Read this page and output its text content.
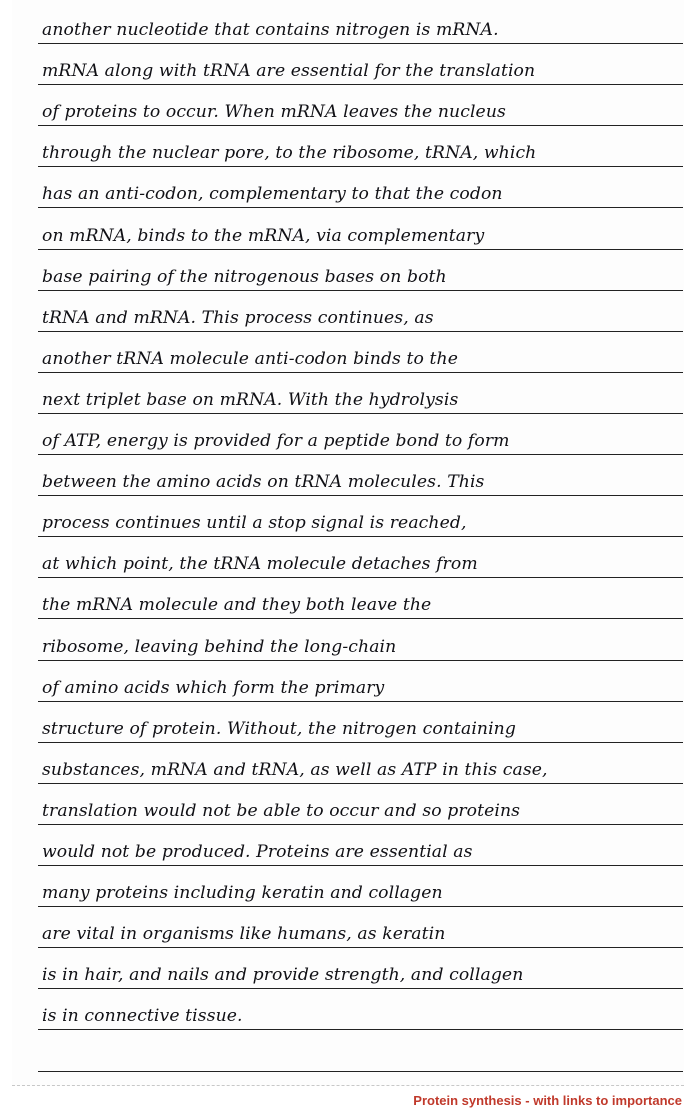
another nucleotide that contains nitrogen is mRNA.
mRNA along with tRNA are essential for the translation
of proteins to occur. When mRNA leaves the nucleus
through the nuclear pore, to the ribosome, tRNA, which
has an anti-codon, complementary to that the codon
on mRNA, binds to the mRNA, via complementary
base pairing of the nitrogenous bases on both
tRNA and mRNA. This process continues, as
another tRNA molecule anti-codon binds to the
next triplet base on mRNA. With the hydrolysis
of ATP, energy is provided for a peptide bond to form
between the amino acids on tRNA molecules. This
process continues until a stop signal is reached,
at which point, the tRNA molecule detaches from
the mRNA molecule and they both leave the
ribosome, leaving behind the long-chain
of amino acids which form the primary
structure of protein. Without, the nitrogen containing
substances, mRNA and tRNA, as well as ATP in this case,
translation would not be able to occur and so proteins
would not be produced. Proteins are essential as
many proteins including keratin and collagen
are vital in organisms like humans, as keratin
is in hair, and nails and provide strength, and collagen
is in connective tissue.
Protein synthesis - with links to importance
